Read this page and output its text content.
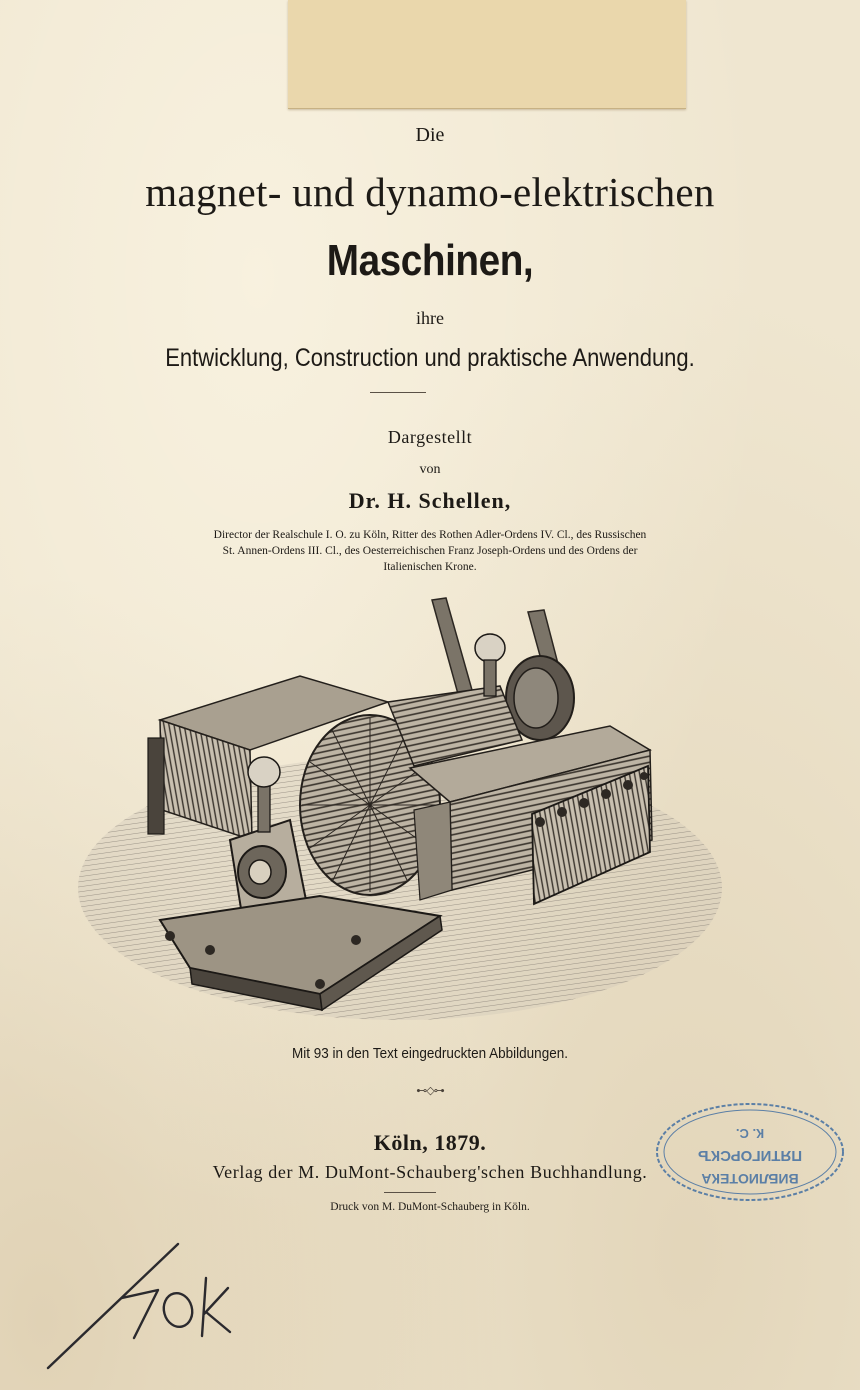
Die
magnet- und dynamo-elektrischen
Maschinen,
ihre
Entwicklung, Construction und praktische Anwendung.
Dargestellt
von
Dr. H. Schellen,
Director der Realschule I. O. zu Köln, Ritter des Rothen Adler-Ordens IV. Cl., des Russischen
St. Annen-Ordens III. Cl., des Oesterreichischen Franz Joseph-Ordens und des Ordens der
Italienischen Krone.
Mit 93 in den Text eingedruckten Abbildungen.
⊷◇⊶
Köln, 1879.
Verlag der M. DuMont-Schauberg'schen Buchhandlung.
Druck von M. DuMont-Schauberg in Köln.
ВИБЛИОТЕКА
ПЯТИГОРСКЪ
К. С.
